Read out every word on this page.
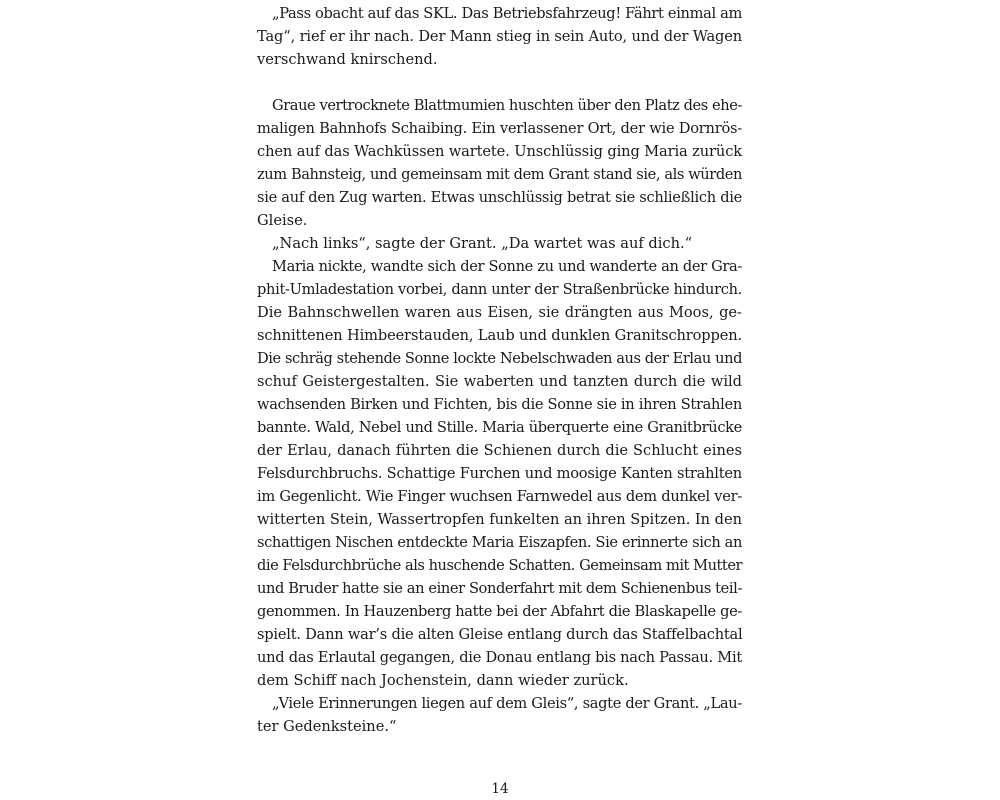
„Pass obacht auf das SKL. Das Betriebsfahrzeug! Fährt einmal am
Tag“, rief er ihr nach. Der Mann stieg in sein Auto, und der Wagen
verschwand knirschend.
Graue vertrocknete Blattmumien huschten über den Platz des ehe-
maligen Bahnhofs Schaibing. Ein verlassener Ort, der wie Dornrös-
chen auf das Wachküssen wartete. Unschlüssig ging Maria zurück
zum Bahnsteig, und gemeinsam mit dem Grant stand sie, als würden
sie auf den Zug warten. Etwas unschlüssig betrat sie schließlich die
Gleise.
„Nach links“, sagte der Grant. „Da wartet was auf dich.“
Maria nickte, wandte sich der Sonne zu und wanderte an der Gra-
phit-Umladestation vorbei, dann unter der Straßenbrücke hindurch.
Die Bahnschwellen waren aus Eisen, sie drängten aus Moos, ge-
schnittenen Himbeerstauden, Laub und dunklen Granitschroppen.
Die schräg stehende Sonne lockte Nebelschwaden aus der Erlau und
schuf Geistergestalten. Sie waberten und tanzten durch die wild
wachsenden Birken und Fichten, bis die Sonne sie in ihren Strahlen
bannte. Wald, Nebel und Stille. Maria überquerte eine Granitbrücke
der Erlau, danach führten die Schienen durch die Schlucht eines
Felsdurchbruchs. Schattige Furchen und moosige Kanten strahlten
im Gegenlicht. Wie Finger wuchsen Farnwedel aus dem dunkel ver-
witterten Stein, Wassertropfen funkelten an ihren Spitzen. In den
schattigen Nischen entdeckte Maria Eiszapfen. Sie erinnerte sich an
die Felsdurchbrüche als huschende Schatten. Gemeinsam mit Mutter
und Bruder hatte sie an einer Sonderfahrt mit dem Schienenbus teil-
genommen. In Hauzenberg hatte bei der Abfahrt die Blaskapelle ge-
spielt. Dann war’s die alten Gleise entlang durch das Staffelbachtal
und das Erlautal gegangen, die Donau entlang bis nach Passau. Mit
dem Schiff nach Jochenstein, dann wieder zurück.
„Viele Erinnerungen liegen auf dem Gleis“, sagte der Grant. „Lau-
ter Gedenksteine.“
14
